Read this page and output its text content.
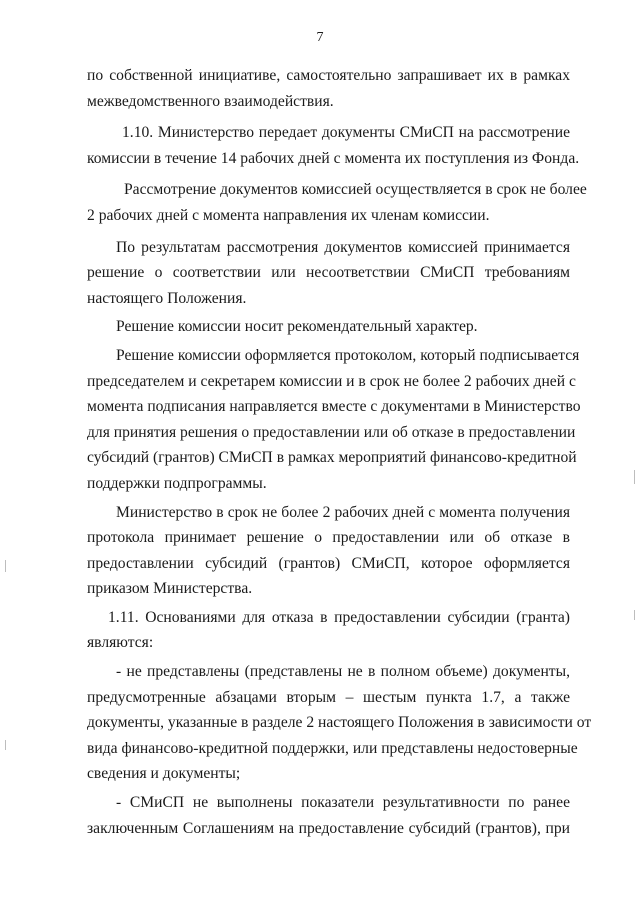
7
по собственной инициативе, самостоятельно запрашивает их в рамках
межведомственного взаимодействия.
1.10. Министерство передает документы СМиСП на рассмотрение
комиссии в течение 14 рабочих дней с момента их поступления из Фонда.
Рассмотрение документов комиссией осуществляется в срок не более
2 рабочих дней с момента направления их членам комиссии.
По результатам рассмотрения документов комиссией принимается
решение о соответствии или несоответствии СМиСП требованиям
настоящего Положения.
Решение комиссии носит рекомендательный характер.
Решение комиссии оформляется протоколом, который подписывается
председателем и секретарем комиссии и в срок не более 2 рабочих дней с
момента подписания направляется вместе с документами в Министерство
для принятия решения о предоставлении или об отказе в предоставлении
субсидий (грантов) СМиСП в рамках мероприятий финансово-кредитной
поддержки подпрограммы.
Министерство в срок не более 2 рабочих дней с момента получения
протокола принимает решение о предоставлении или об отказе в
предоставлении субсидий (грантов) СМиСП, которое оформляется
приказом Министерства.
1.11. Основаниями для отказа в предоставлении субсидии (гранта)
являются:
- не представлены (представлены не в полном объеме) документы,
предусмотренные абзацами вторым – шестым пункта 1.7, а также
документы, указанные в разделе 2 настоящего Положения в зависимости от
вида финансово-кредитной поддержки, или представлены недостоверные
сведения и документы;
- СМиСП не выполнены показатели результативности по ранее
заключенным Соглашениям на предоставление субсидий (грантов), при
